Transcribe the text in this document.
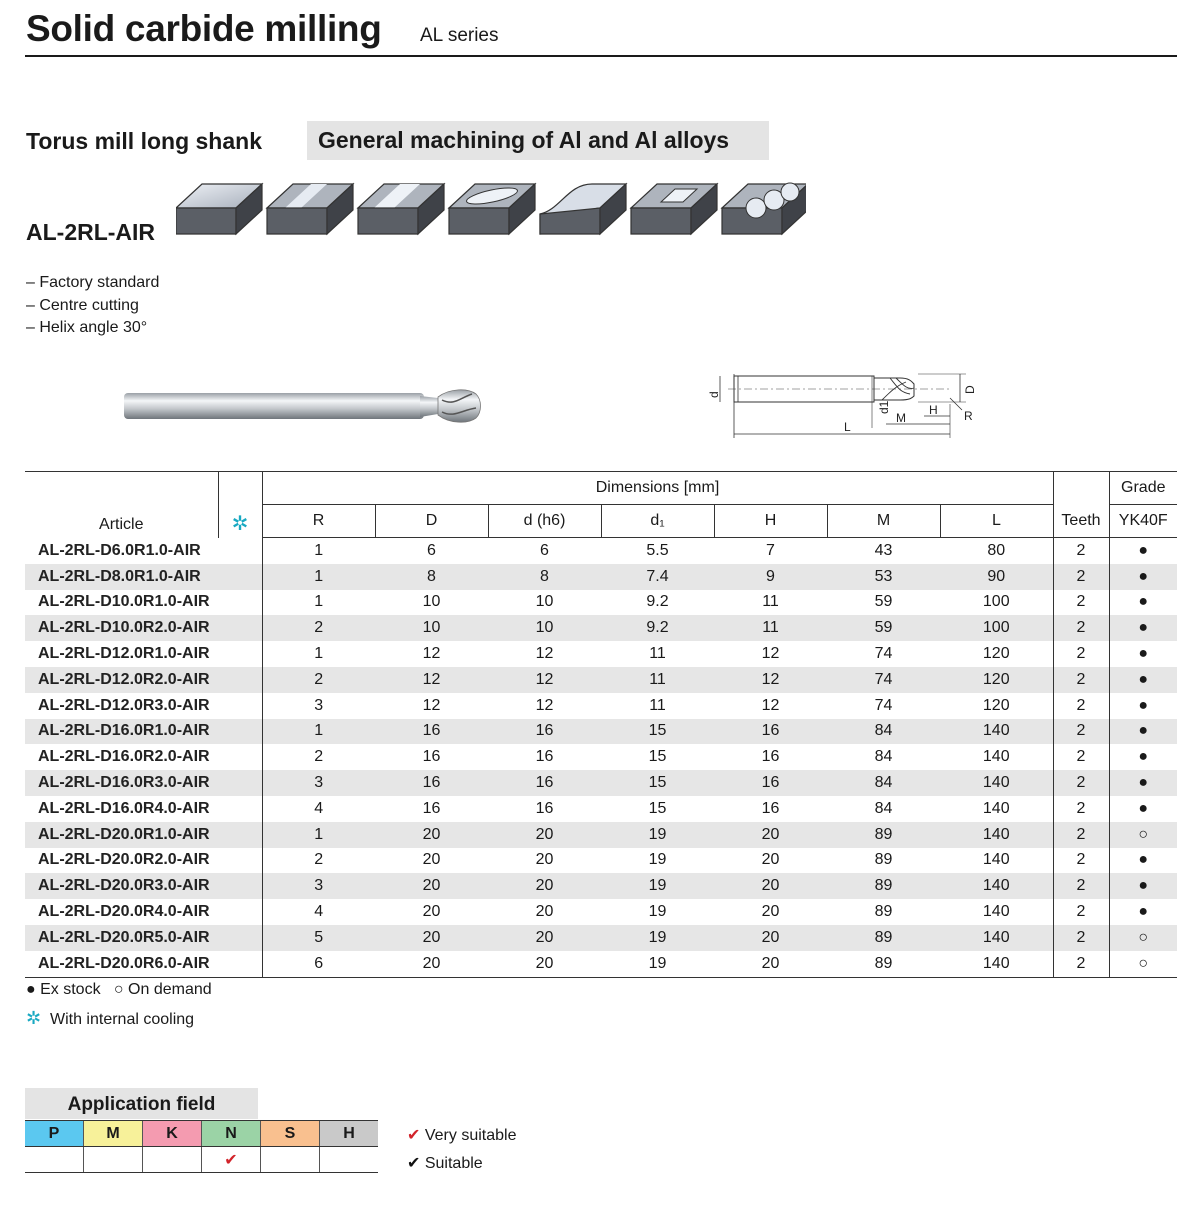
Solid carbide milling AL series
Torus mill long shank	General machining of Al and Al alloys
AL-2RL-AIR
– Factory standard
– Centre cutting
– Helix angle 30°
D
d
d1
M
H R
L
Article	✲	Dimensions [mm]								Grade
		R	D	d (h6)	d₁	H	M	L	Teeth	YK40F
AL-2RL-D6.0R1.0-AIR		1	6	6	5.5	7	43	80	2	●
AL-2RL-D8.0R1.0-AIR		1	8	8	7.4	9	53	90	2	●
AL-2RL-D10.0R1.0-AIR		1	10	10	9.2	11	59	100	2	●
AL-2RL-D10.0R2.0-AIR		2	10	10	9.2	11	59	100	2	●
AL-2RL-D12.0R1.0-AIR		1	12	12	11	12	74	120	2	●
AL-2RL-D12.0R2.0-AIR		2	12	12	11	12	74	120	2	●
AL-2RL-D12.0R3.0-AIR		3	12	12	11	12	74	120	2	●
AL-2RL-D16.0R1.0-AIR		1	16	16	15	16	84	140	2	●
AL-2RL-D16.0R2.0-AIR		2	16	16	15	16	84	140	2	●
AL-2RL-D16.0R3.0-AIR		3	16	16	15	16	84	140	2	●
AL-2RL-D16.0R4.0-AIR		4	16	16	15	16	84	140	2	●
AL-2RL-D20.0R1.0-AIR		1	20	20	19	20	89	140	2	○
AL-2RL-D20.0R2.0-AIR		2	20	20	19	20	89	140	2	●
AL-2RL-D20.0R3.0-AIR		3	20	20	19	20	89	140	2	●
AL-2RL-D20.0R4.0-AIR		4	20	20	19	20	89	140	2	●
AL-2RL-D20.0R5.0-AIR		5	20	20	19	20	89	140	2	○
AL-2RL-D20.0R6.0-AIR		6	20	20	19	20	89	140	2	○
● Ex stock ○ On demand
✲ With internal cooling
Application field
P	M	K	N	S	H
			✔		
✔ Very suitable
✔ Suitable
